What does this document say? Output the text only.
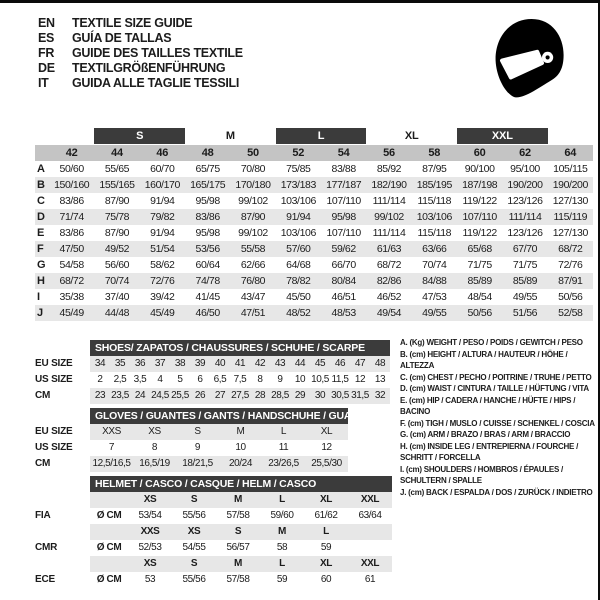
EN	TEXTILE SIZE GUIDE
ES	GUÍA DE TALLAS
FR	GUIDE DES TAILLES TEXTILE
DE	TEXTILGRÖßENFÜHRUNG
IT	GUIDA ALLE TAGLIE TESSILI
S	M	L	XL	XXL
42	44	46	48	50	52	54	56	58	60	62	64
A	50/60	55/65	60/70	65/75	70/80	75/85	83/88	85/92	87/95	90/100	95/100	105/115
B 150/160 155/165 160/170 165/175 170/180 173/183 177/187 182/190 185/195 187/198 190/200 190/200
C	83/86	87/90	91/94	95/98	99/102	103/106	107/110	111/114	115/118	119/122	123/126 127/130
D	71/74	75/78	79/82	83/86	87/90	91/94	95/98	99/102	103/106	107/110	111/114	115/119
E	83/86	87/90	91/94	95/98	99/102	103/106	107/110	111/114	115/118	119/122	123/126 127/130
F	47/50	49/52	51/54	53/56	55/58	57/60	59/62	61/63	63/66	65/68	67/70	68/72
G	54/58	56/60	58/62	60/64	62/66	64/68	66/70	68/72	70/74	71/75	71/75	72/76
H	68/72	70/74	72/76	74/78	76/80	78/82	80/84	82/86	84/88	85/89	85/89	87/91
I	35/38	37/40	39/42	41/45	43/47	45/50	46/51	46/52	47/53	48/54	49/55	50/56
J	45/49	44/48	45/49	46/50	47/51	48/52	48/53	49/54	49/55	50/56	51/56	52/58
SHOES/ ZAPATOS / CHAUSSURES / SCHUHE / SCARPE
EU SIZE	34 35 36 37 38 39 40 41 42 43 44 45 46 47 48
US SIZE	2	2,5 3,5	4	5	6	6,5 7,5	8	9	10 10,5 11,5 12 13
CM	23 23,5 24 24,5 25,5 26 27 27,5 28 28,5 29 30 30,5 31,5 32
GLOVES / GUANTES / GANTS / HANDSCHUHE / GUANTI
EU SIZE	XXS	XS	S	M	L	XL
US SIZE	7	8	9	10	11	12
CM	12,5/16,5 16,5/19	18/21,5	20/24	23/26,5	25,5/30
HELMET / CASCO / CASQUE / HELM / CASCO
XS	S	M	L	XL	XXL
FIA	Ø CM	53/54	55/56	57/58	59/60	61/62	63/64
XXS	XS	S	M	L
CMR	Ø CM	52/53	54/55	56/57	58	59
XS	S	M	L	XL	XXL
ECE	Ø CM	53	55/56	57/58	59	60	61
A. (Kg) WEIGHT / PESO / POIDS / GEWITCH / PESO
B. (cm) HEIGHT / ALTURA / HAUTEUR / HÖHE / ALTEZZA
C. (cm) CHEST / PECHO / POITRINE / TRUHE / PETTO
D. (cm) WAIST / CINTURA / TAILLE / HÜFTUNG / VITA
E. (cm) HIP / CADERA / HANCHE / HÜFTE / HIPS / BACINO
F. (cm) TIGH / MUSLO / CUISSE / SCHENKEL / COSCIA
G. (cm) ARM / BRAZO / BRAS / ARM / BRACCIO
H. (cm) INSIDE LEG / ENTREPIERNA / FOURCHE / SCHRITT / FORCELLA
I. (cm) SHOULDERS / HOMBROS / ÉPAULES / SCHULTERN / SPALLE
J. (cm) BACK / ESPALDA / DOS / ZURÜCK / INDIETRO
